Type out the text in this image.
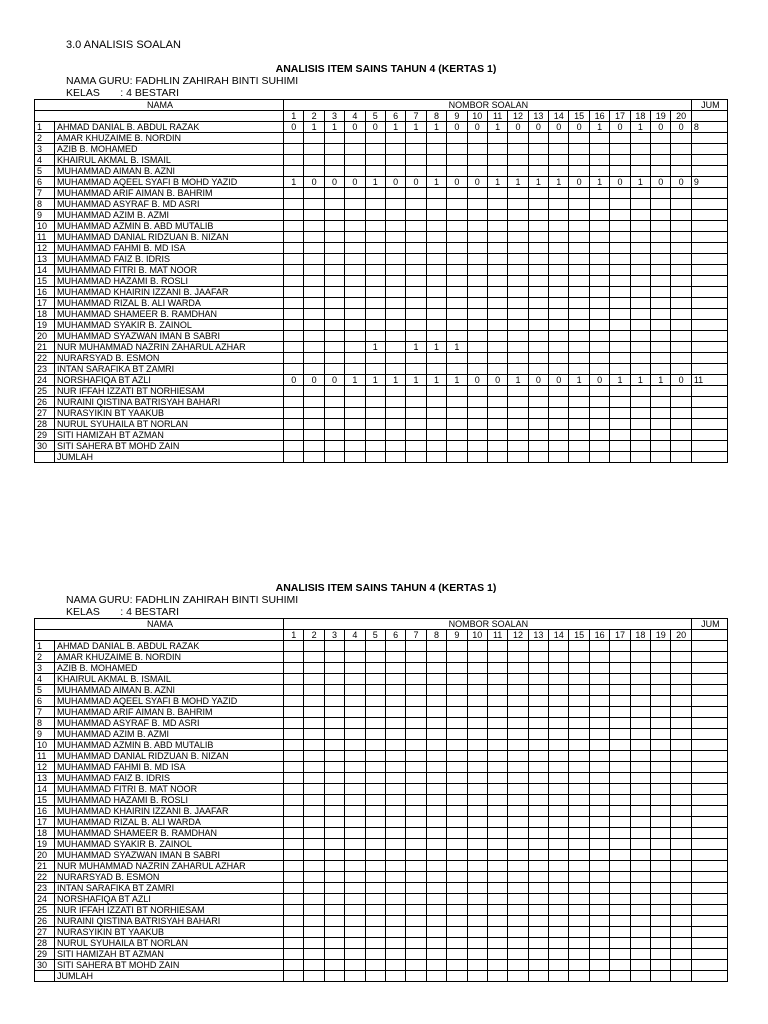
3.0 ANALISIS SOALAN
ANALISIS ITEM SAINS TAHUN 4 (KERTAS 1)
NAMA GURU: FADHLIN ZAHIRAH BINTI SUHIMI
KELAS       : 4 BESTARI
NAMA		NOMBOR SOALAN																				JUM
		1	2	3	4	5	6	7	8	9	10	11	12	13	14	15	16	17	18	19	20	
1	AHMAD DANIAL B. ABDUL RAZAK	0	1	1	0	0	1	1	1	0	0	1	0	0	0	0	1	0	1	0	0	8
2	AMAR KHUZAIME B. NORDIN																					
3	AZIB B. MOHAMED																					
4	KHAIRUL AKMAL B. ISMAIL																					
5	MUHAMMAD AIMAN B. AZNI																					
6	MUHAMMAD AQEEL SYAFI B MOHD YAZID	1	0	0	0	1	0	0	1	0	0	1	1	1	1	0	1	0	1	0	0	9
7	MUHAMMAD ARIF AIMAN B. BAHRIM																					
8	MUHAMMAD ASYRAF B. MD ASRI																					
9	MUHAMMAD AZIM B. AZMI																					
10	MUHAMMAD AZMIN B. ABD MUTALIB																					
11	MUHAMMAD DANIAL RIDZUAN B. NIZAN																					
12	MUHAMMAD FAHMI B. MD ISA																					
13	MUHAMMAD FAIZ B. IDRIS																					
14	MUHAMMAD FITRI B. MAT NOOR																					
15	MUHAMMAD HAZAMI B. ROSLI																					
16	MUHAMMAD KHAIRIN IZZANI B. JAAFAR																					
17	MUHAMMAD RIZAL B. ALI WARDA																					
18	MUHAMMAD SHAMEER B. RAMDHAN																					
19	MUHAMMAD SYAKIR B. ZAINOL																					
20	MUHAMMAD SYAZWAN IMAN B SABRI																					
21	NUR MUHAMMAD NAZRIN ZAHARUL AZHAR					1		1	1	1												
22	NURARSYAD B. ESMON																					
23	INTAN SARAFIKA BT ZAMRI																					
24	NORSHAFIQA BT AZLI	0	0	0	1	1	1	1	1	1	0	0	1	0	0	1	0	1	1	1	0	11
25	NUR IFFAH IZZATI BT NORHIESAM																					
26	NURAINI QISTINA BATRISYAH BAHARI																					
27	NURASYIKIN BT YAAKUB																					
28	NURUL SYUHAILA BT NORLAN																					
29	SITI HAMIZAH BT AZMAN																					
30	SITI SAHERA BT MOHD ZAIN																					
	JUMLAH																					
ANALISIS ITEM SAINS TAHUN 4 (KERTAS 1)
NAMA GURU: FADHLIN ZAHIRAH BINTI SUHIMI
KELAS       : 4 BESTARI
NAMA		NOMBOR SOALAN																				JUM
		1	2	3	4	5	6	7	8	9	10	11	12	13	14	15	16	17	18	19	20	
1	AHMAD DANIAL B. ABDUL RAZAK																					
2	AMAR KHUZAIME B. NORDIN																					
3	AZIB B. MOHAMED																					
4	KHAIRUL AKMAL B. ISMAIL																					
5	MUHAMMAD AIMAN B. AZNI																					
6	MUHAMMAD AQEEL SYAFI B MOHD YAZID																					
7	MUHAMMAD ARIF AIMAN B. BAHRIM																					
8	MUHAMMAD ASYRAF B. MD ASRI																					
9	MUHAMMAD AZIM B. AZMI																					
10	MUHAMMAD AZMIN B. ABD MUTALIB																					
11	MUHAMMAD DANIAL RIDZUAN B. NIZAN																					
12	MUHAMMAD FAHMI B. MD ISA																					
13	MUHAMMAD FAIZ B. IDRIS																					
14	MUHAMMAD FITRI B. MAT NOOR																					
15	MUHAMMAD HAZAMI B. ROSLI																					
16	MUHAMMAD KHAIRIN IZZANI B. JAAFAR																					
17	MUHAMMAD RIZAL B. ALI WARDA																					
18	MUHAMMAD SHAMEER B. RAMDHAN																					
19	MUHAMMAD SYAKIR B. ZAINOL																					
20	MUHAMMAD SYAZWAN IMAN B SABRI																					
21	NUR MUHAMMAD NAZRIN ZAHARUL AZHAR																					
22	NURARSYAD B. ESMON																					
23	INTAN SARAFIKA BT ZAMRI																					
24	NORSHAFIQA BT AZLI																					
25	NUR IFFAH IZZATI BT NORHIESAM																					
26	NURAINI QISTINA BATRISYAH BAHARI																					
27	NURASYIKIN BT YAAKUB																					
28	NURUL SYUHAILA BT NORLAN																					
29	SITI HAMIZAH BT AZMAN																					
30	SITI SAHERA BT MOHD ZAIN																					
	JUMLAH																					
